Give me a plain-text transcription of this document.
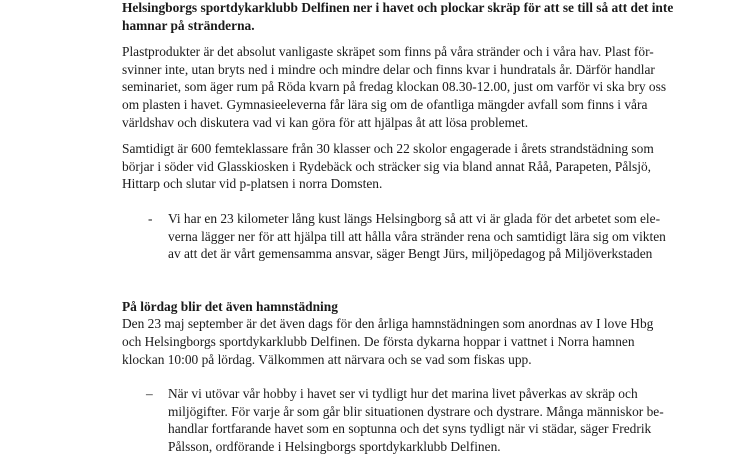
Helsingborgs sportdykarklubb Delfinen ner i havet och plockar skräp för att se till så att det inte
hamnar på stränderna.
Plastprodukter är det absolut vanligaste skräpet som finns på våra stränder och i våra hav. Plast för-
svinner inte, utan bryts ned i mindre och mindre delar och finns kvar i hundratals år. Därför handlar
seminariet, som äger rum på Röda kvarn på fredag klockan 08.30-12.00, just om varför vi ska bry oss
om plasten i havet. Gymnasieeleverna får lära sig om de ofantliga mängder avfall som finns i våra
världshav och diskutera vad vi kan göra för att hjälpas åt att lösa problemet.
Samtidigt är 600 femteklassare från 30 klasser och 22 skolor engagerade i årets strandstädning som
börjar i söder vid Glasskiosken i Rydebäck och sträcker sig via bland annat Råå, Parapeten, Pålsjö,
Hittarp och slutar vid p-platsen i norra Domsten.
- Vi har en 23 kilometer lång kust längs Helsingborg så att vi är glada för det arbetet som ele-
verna lägger ner för att hjälpa till att hålla våra stränder rena och samtidigt lära sig om vikten
av att det är vårt gemensamma ansvar, säger Bengt Jürs, miljöpedagog på Miljöverkstaden
På lördag blir det även hamnstädning
Den 23 maj september är det även dags för den årliga hamnstädningen som anordnas av I love Hbg
och Helsingborgs sportdykarklubb Delfinen. De första dykarna hoppar i vattnet i Norra hamnen
klockan 10:00 på lördag. Välkommen att närvara och se vad som fiskas upp.
– När vi utövar vår hobby i havet ser vi tydligt hur det marina livet påverkas av skräp och
miljögifter. För varje år som går blir situationen dystrare och dystrare. Många människor be-
handlar fortfarande havet som en soptunna och det syns tydligt när vi städar, säger Fredrik
Pålsson, ordförande i Helsingborgs sportdykarklubb Delfinen.
